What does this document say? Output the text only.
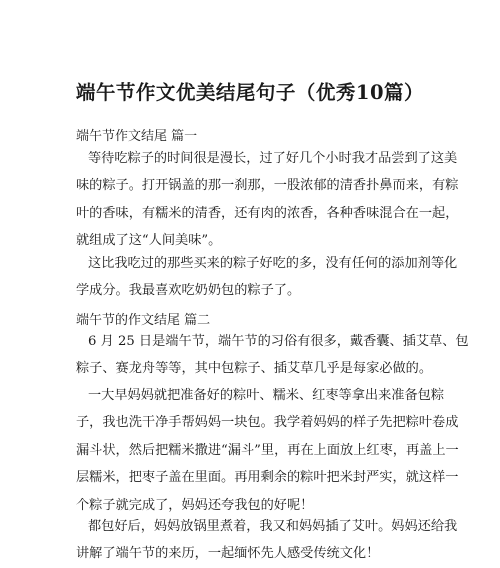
端午节作文优美结尾句子（优秀10篇）
端午节作文结尾 篇一
等待吃粽子的时间很是漫长，过了好几个小时我才品尝到了这美
味的粽子。打开锅盖的那一刹那，一股浓郁的清香扑鼻而来，有粽
叶的香味，有糯米的清香，还有肉的浓香，各种香味混合在一起，
就组成了这“人间美味”。
这比我吃过的那些买来的粽子好吃的多，没有任何的添加剂等化
学成分。我最喜欢吃奶奶包的粽子了。
端午节的作文结尾 篇二
6 月 25 日是端午节，端午节的习俗有很多，戴香囊、插艾草、包
粽子、赛龙舟等等，其中包粽子、插艾草几乎是每家必做的。
一大早妈妈就把准备好的粽叶、糯米、红枣等拿出来准备包粽
子，我也洗干净手帮妈妈一块包。我学着妈妈的样子先把粽叶卷成
漏斗状，然后把糯米撒进“漏斗”里，再在上面放上红枣，再盖上一
层糯米，把枣子盖在里面。再用剩余的粽叶把米封严实，就这样一
个粽子就完成了，妈妈还夸我包的好呢！
都包好后，妈妈放锅里煮着，我又和妈妈插了艾叶。妈妈还给我
讲解了端午节的来历，一起缅怀先人感受传统文化！
